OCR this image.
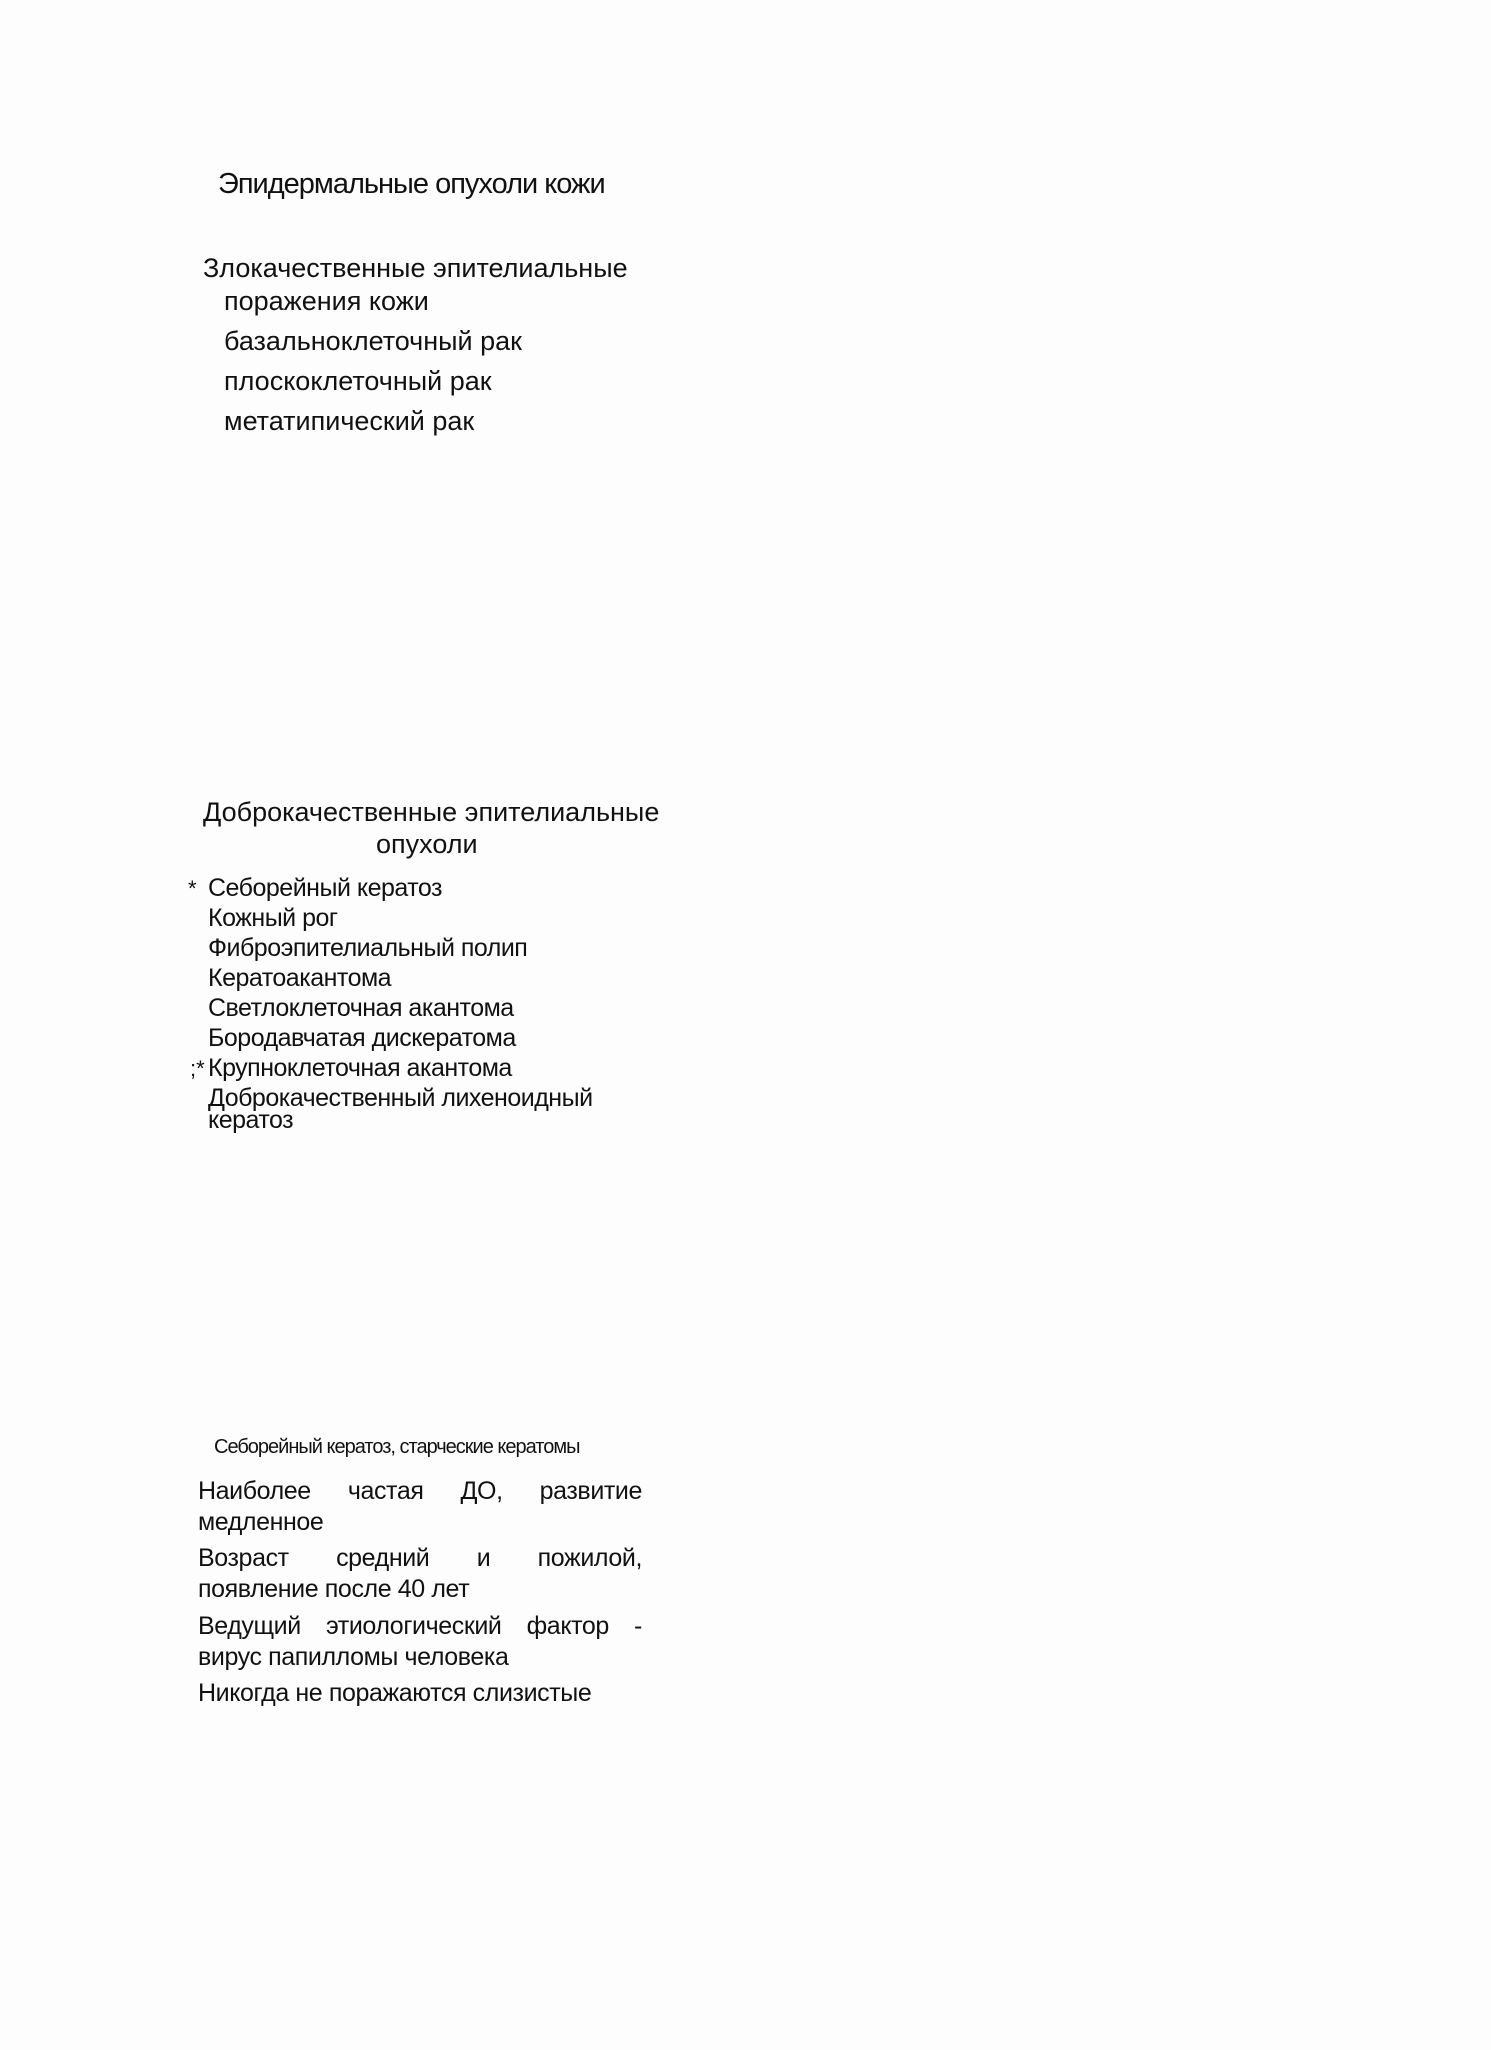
Эпидермальные опухоли кожи
Злокачественные эпителиальные
поражения кожи
базальноклеточный рак
плоскоклеточный рак
метатипический рак
Доброкачественные эпителиальные
опухоли
* Себорейный кератоз
Кожный рог
Фиброэпителиальный полип
Кератоакантома
Светлоклеточная акантома
Бородавчатая дискератома
;* Крупноклеточная акантома
Доброкачественный лихеноидный
кератоз
Себорейный кератоз, старческие кератомы
Наиболее частая ДО, развитие медленное
Возраст средний и пожилой, появление после 40 лет
Ведущий этиологический фактор - вирус папилломы человека
Никогда не поражаются слизистые
